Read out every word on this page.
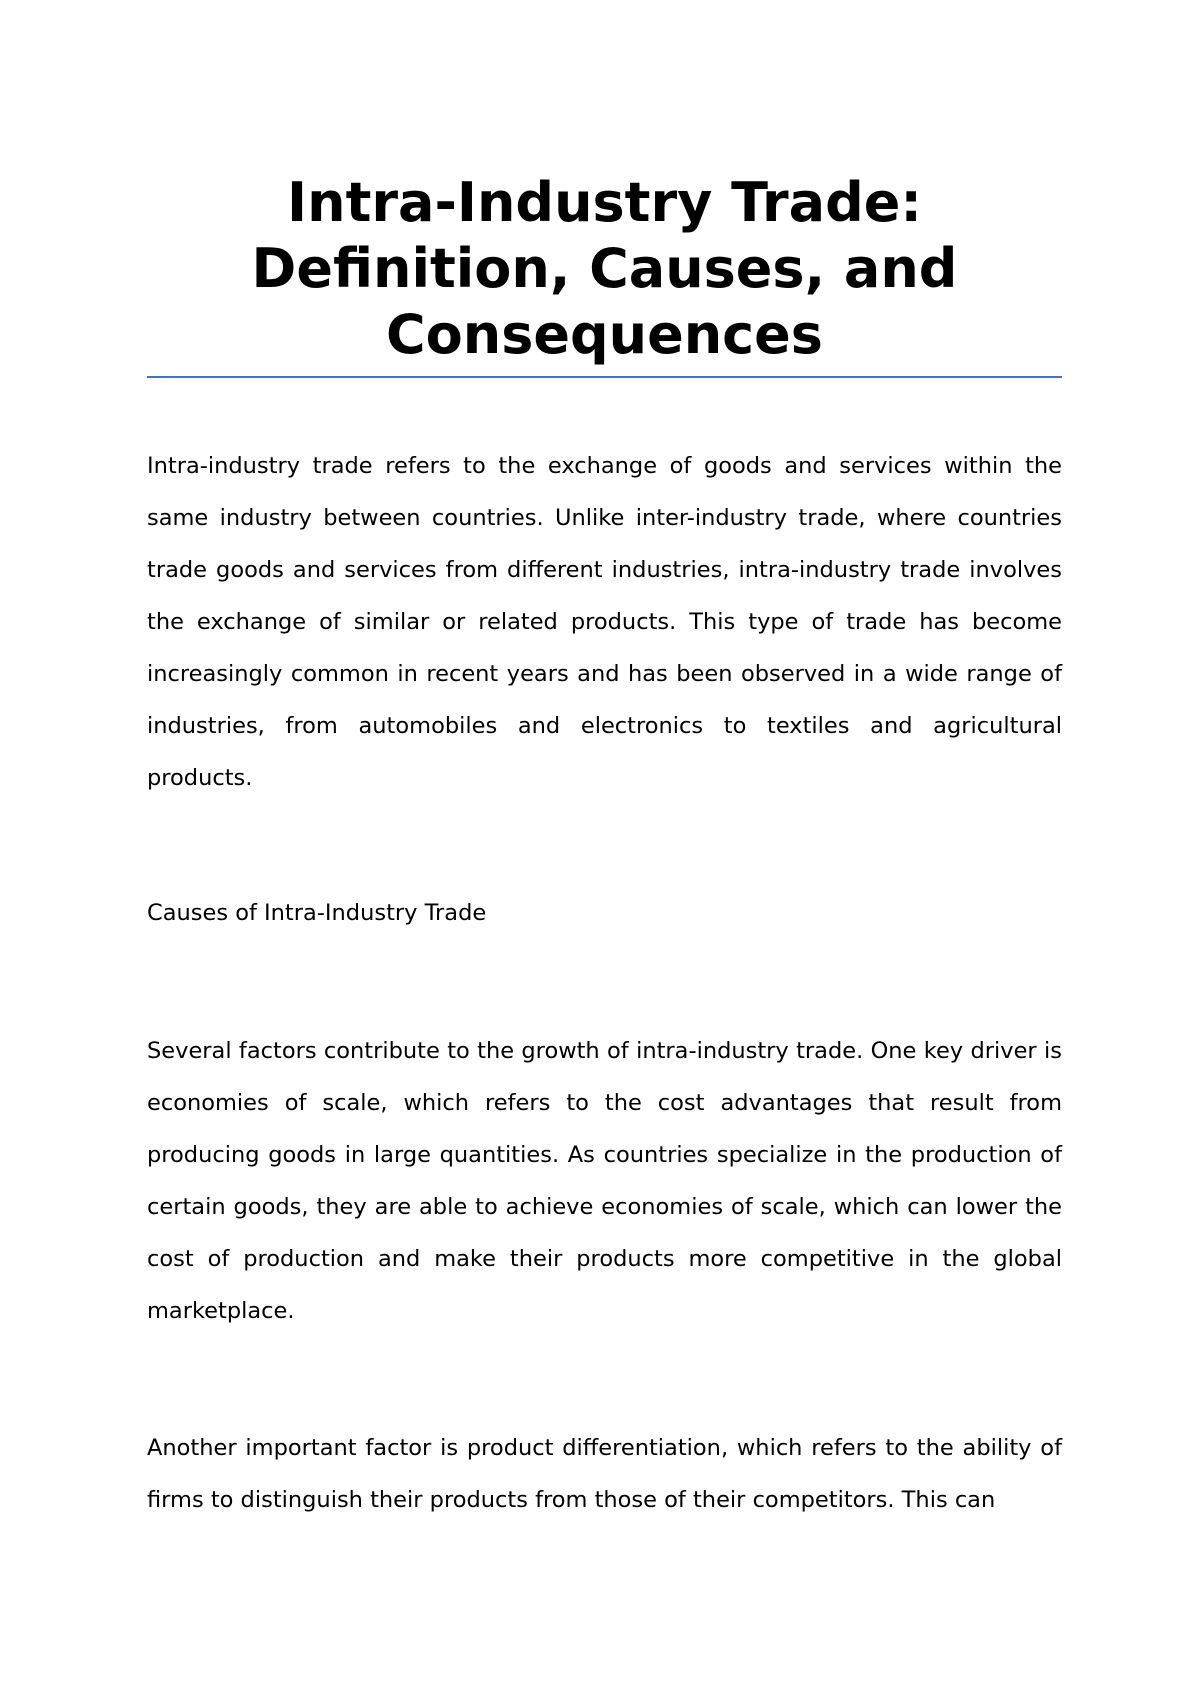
Intra-Industry Trade: Definition, Causes, and Consequences

Intra-industry trade refers to the exchange of goods and services within the same industry between countries. Unlike inter-industry trade, where countries trade goods and services from different industries, intra-industry trade involves the exchange of similar or related products. This type of trade has become increasingly common in recent years and has been observed in a wide range of industries, from automobiles and electronics to textiles and agricultural products.

Causes of Intra-Industry Trade

Several factors contribute to the growth of intra-industry trade. One key driver is economies of scale, which refers to the cost advantages that result from producing goods in large quantities. As countries specialize in the production of certain goods, they are able to achieve economies of scale, which can lower the cost of production and make their products more competitive in the global marketplace.

Another important factor is product differentiation, which refers to the ability of firms to distinguish their products from those of their competitors. This can
